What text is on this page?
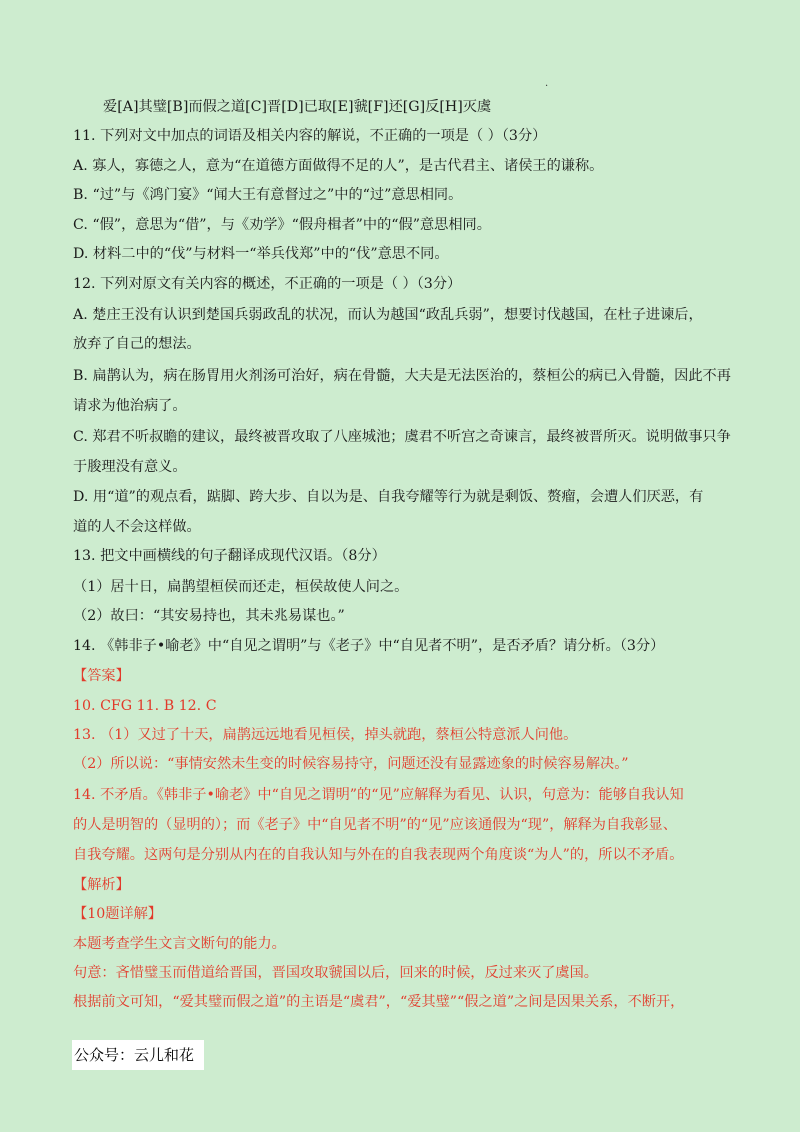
.
爱[A]其璧[B]而假之道[C]晋[D]已取[E]虢[F]还[G]反[H]灭虞
11. 下列对文中加点的词语及相关内容的解说，不正确的一项是（ ）（3分）
A. 寡人，寡德之人，意为“在道德方面做得不足的人”，是古代君主、诸侯王的谦称。
B. “过”与《鸿门宴》“闻大王有意督过之”中的“过”意思相同。
C. “假”，意思为“借”，与《劝学》“假舟楫者”中的“假”意思相同。
D. 材料二中的“伐”与材料一“举兵伐郑”中的“伐”意思不同。
12. 下列对原文有关内容的概述，不正确的一项是（ ）（3分）
A. 楚庄王没有认识到楚国兵弱政乱的状况，而认为越国“政乱兵弱”，想要讨伐越国，在杜子进谏后，
放弃了自己的想法。
B. 扁鹊认为，病在肠胃用火剂汤可治好，病在骨髓，大夫是无法医治的，蔡桓公的病已入骨髓，因此不再
请求为他治病了。
C. 郑君不听叔瞻的建议，最终被晋攻取了八座城池；虞君不听宫之奇谏言，最终被晋所灭。说明做事只争
于朘理没有意义。
D. 用“道”的观点看，踮脚、跨大步、自以为是、自我夸耀等行为就是剩饭、赘瘤，会遭人们厌恶，有
道的人不会这样做。
13. 把文中画横线的句子翻译成现代汉语。（8分）
（1）居十日，扁鹊望桓侯而还走，桓侯故使人问之。
（2）故曰：“其安易持也，其未兆易谋也。”
14. 《韩非子•喻老》中“自见之谓明”与《老子》中“自见者不明”，是否矛盾？请分析。（3分）
【答案】
10. CFG 11. B 12. C
13. （1）又过了十天，扁鹊远远地看见桓侯，掉头就跑，蔡桓公特意派人问他。
（2）所以说：“事情安然未生变的时候容易持守，问题还没有显露迹象的时候容易解决。”
14. 不矛盾。《韩非子•喻老》中“自见之谓明”的“见”应解释为看见、认识，句意为：能够自我认知
的人是明智的（显明的）；而《老子》中“自见者不明”的“见”应该通假为“现”，解释为自我彰显、
自我夸耀。这两句是分别从内在的自我认知与外在的自我表现两个角度谈“为人”的，所以不矛盾。
【解析】
【10题详解】
本题考查学生文言文断句的能力。
句意：吝惜璧玉而借道给晋国，晋国攻取虢国以后，回来的时候，反过来灭了虞国。
根据前文可知，“爱其璧而假之道”的主语是“虞君”，“爱其璧”“假之道”之间是因果关系，不断开，
公众号：云儿和花
